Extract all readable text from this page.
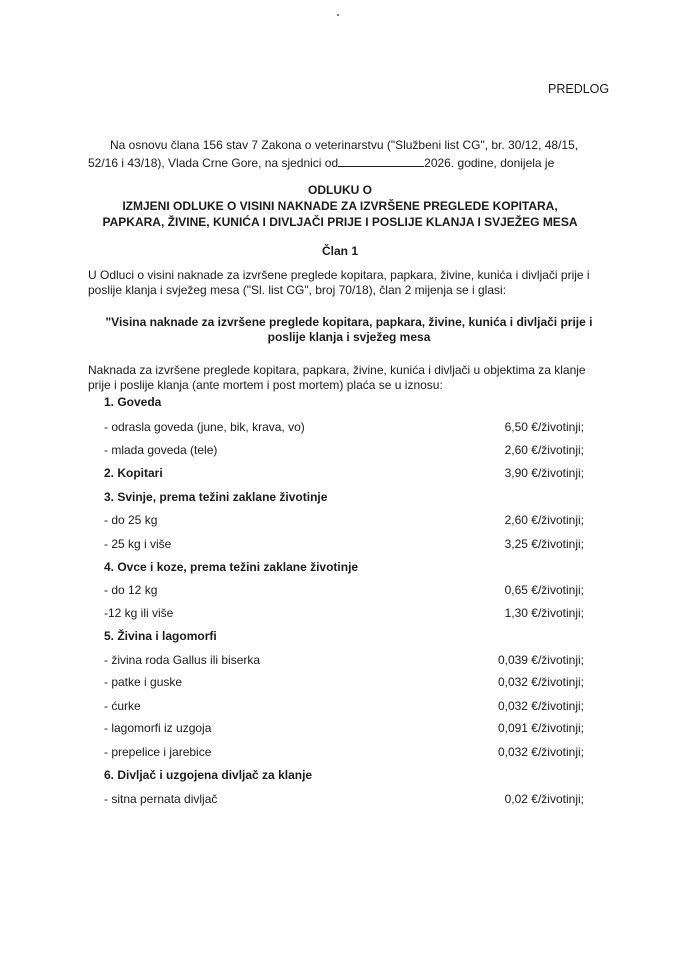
PREDLOG
Na osnovu člana 156 stav 7 Zakona o veterinarstvu ("Službeni list CG", br. 30/12, 48/15,
52/16 i 43/18), Vlada Crne Gore, na sjednici od	2026. godine, donijela je
ODLUKU O
IZMJENI ODLUKE O VISINI NAKNADE ZA IZVRŠENE PREGLEDE KOPITARA,
PAPKARA, ŽIVINE, KUNIĆA I DIVLJAČI PRIJE I POSLIJE KLANJA I SVJEŽEG MESA
Član 1
U Odluci o visini naknade za izvršene preglede kopitara, papkara, živine, kunića i divljači prije i poslije klanja i svježeg mesa ("Sl. list CG", broj 70/18), član 2 mijenja se i glasi:
"Visina naknade za izvršene preglede kopitara, papkara, živine, kunića i divljači prije i poslije klanja i svježeg mesa
Naknada za izvršene preglede kopitara, papkara, živine, kunića i divljači u objektima za klanje prije i poslije klanja (ante mortem i post mortem) plaća se u iznosu:
1. Goveda
- odrasla goveda (june, bik, krava, vo)	6,50 €/životinji;
- mlada goveda (tele)	2,60 €/životinji;
2. Kopitari	3,90 €/životinji;
3. Svinje, prema težini zaklane životinje
- do 25 kg	2,60 €/životinji;
- 25 kg i više	3,25 €/životinji;
4. Ovce i koze, prema težini zaklane životinje
- do 12 kg	0,65 €/životinji;
-12 kg ili više	1,30 €/životinji;
5. Živina i lagomorfi
- živina roda Gallus ili biserka	0,039 €/životinji;
- patke i guske	0,032 €/životinji;
- ćurke	0,032 €/životinji;
- lagomorfi iz uzgoja	0,091 €/životinji;
- prepelice i jarebice	0,032 €/životinji;
6. Divljač i uzgojena divljač za klanje
- sitna pernata divljač	0,02 €/životinji;
